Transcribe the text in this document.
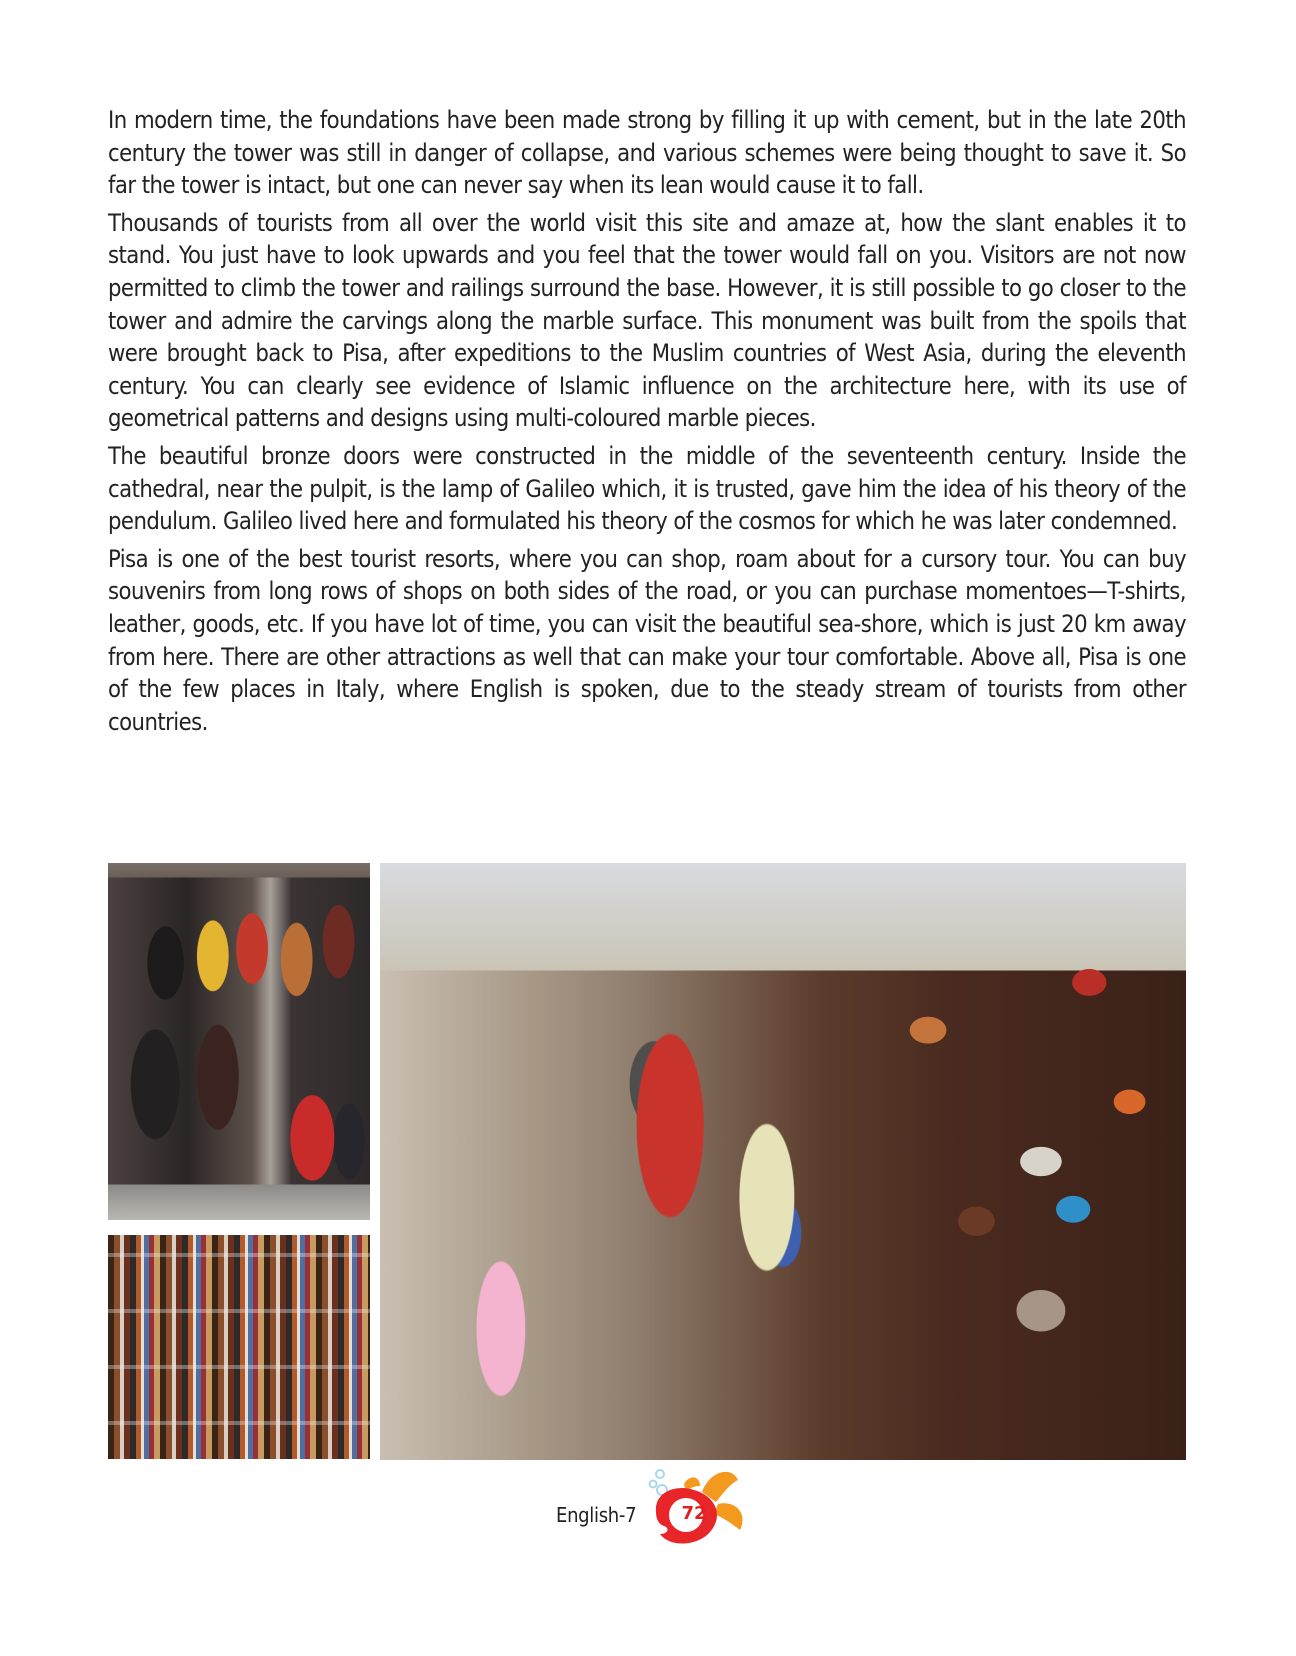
In modern time, the foundations have been made strong by filling it up with cement, but in the late 20th century the tower was still in danger of collapse, and various schemes were being thought to save it. So far the tower is intact, but one can never say when its lean would cause it to fall.

Thousands of tourists from all over the world visit this site and amaze at, how the slant enables it to stand. You just have to look upwards and you feel that the tower would fall on you. Visitors are not now permitted to climb the tower and railings surround the base. However, it is still possible to go closer to the tower and admire the carvings along the marble surface. This monument was built from the spoils that were brought back to Pisa, after expeditions to the Muslim countries of West Asia, during the eleventh century. You can clearly see evidence of Islamic influence on the architecture here, with its use of geometrical patterns and designs using multi-coloured marble pieces.

The beautiful bronze doors were constructed in the middle of the seventeenth century. Inside the cathedral, near the pulpit, is the lamp of Galileo which, it is trusted, gave him the idea of his theory of the pendulum. Galileo lived here and formulated his theory of the cosmos for which he was later condemned.

Pisa is one of the best tourist resorts, where you can shop, roam about for a cursory tour. You can buy souvenirs from long rows of shops on both sides of the road, or you can purchase momentoes—T-shirts, leather, goods, etc. If you have lot of time, you can visit the beautiful sea-shore, which is just 20 km away from here. There are other attractions as well that can make your tour comfortable. Above all, Pisa is one of the few places in Italy, where English is spoken, due to the steady stream of tourists from other countries.

English-7	72
